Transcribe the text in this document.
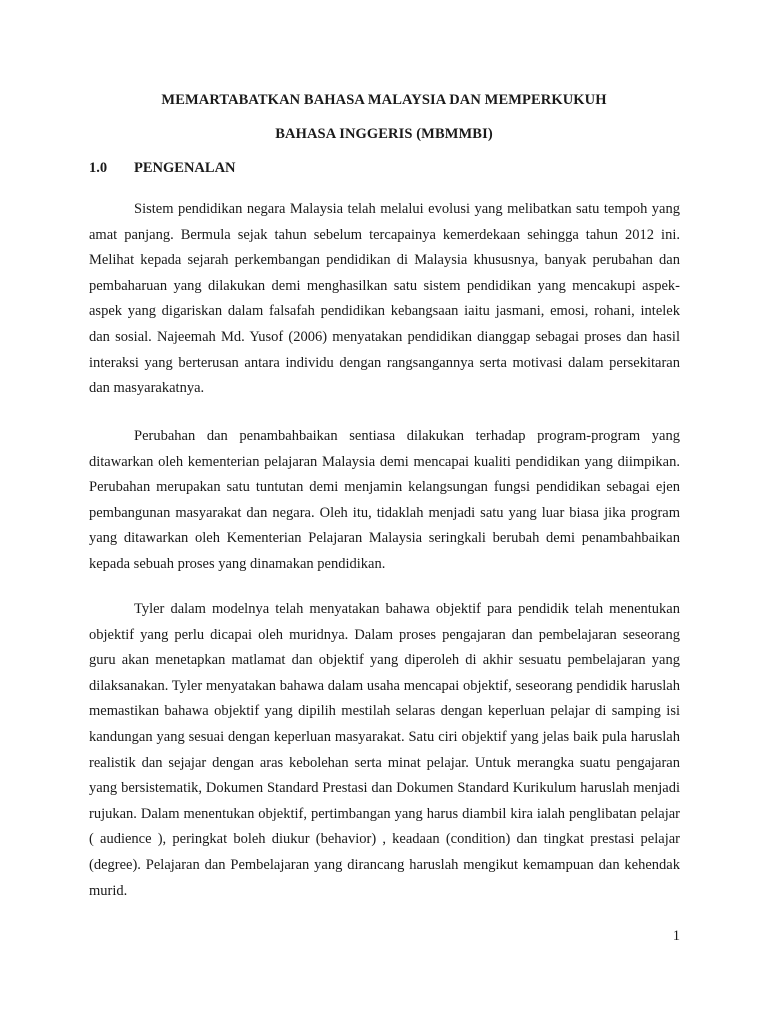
MEMARTABATKAN BAHASA MALAYSIA DAN MEMPERKUKUH
BAHASA INGGERIS (MBMMBI)
1.0 PENGENALAN

Sistem pendidikan negara Malaysia telah melalui evolusi yang melibatkan satu tempoh yang amat panjang. Bermula sejak tahun sebelum tercapainya kemerdekaan sehingga tahun 2012 ini. Melihat kepada sejarah perkembangan pendidikan di Malaysia khususnya, banyak perubahan dan pembaharuan yang dilakukan demi menghasilkan satu sistem pendidikan yang mencakupi aspek-aspek yang digariskan dalam falsafah pendidikan kebangsaan iaitu jasmani, emosi, rohani, intelek dan sosial. Najeemah Md. Yusof (2006) menyatakan pendidikan dianggap sebagai proses dan hasil interaksi yang berterusan antara individu dengan rangsangannya serta motivasi dalam persekitaran dan masyarakatnya.

Perubahan dan penambahbaikan sentiasa dilakukan terhadap program-program yang ditawarkan oleh kementerian pelajaran Malaysia demi mencapai kualiti pendidikan yang diimpikan. Perubahan merupakan satu tuntutan demi menjamin kelangsungan fungsi pendidikan sebagai ejen pembangunan masyarakat dan negara. Oleh itu, tidaklah menjadi satu yang luar biasa jika program yang ditawarkan oleh Kementerian Pelajaran Malaysia seringkali berubah demi penambahbaikan kepada sebuah proses yang dinamakan pendidikan.

Tyler dalam modelnya telah menyatakan bahawa objektif para pendidik telah menentukan objektif yang perlu dicapai oleh muridnya. Dalam proses pengajaran dan pembelajaran seseorang guru akan menetapkan matlamat dan objektif yang diperoleh di akhir sesuatu pembelajaran yang dilaksanakan. Tyler menyatakan bahawa dalam usaha mencapai objektif, seseorang pendidik haruslah memastikan bahawa objektif yang dipilih mestilah selaras dengan keperluan pelajar di samping isi kandungan yang sesuai dengan keperluan masyarakat. Satu ciri objektif yang jelas baik pula haruslah realistik dan sejajar dengan aras kebolehan serta minat pelajar. Untuk merangka suatu pengajaran yang bersistematik, Dokumen Standard Prestasi dan Dokumen Standard Kurikulum haruslah menjadi rujukan. Dalam menentukan objektif, pertimbangan yang harus diambil kira ialah penglibatan pelajar ( audience ), peringkat boleh diukur (behavior) , keadaan (condition) dan tingkat prestasi pelajar (degree). Pelajaran dan Pembelajaran yang dirancang haruslah mengikut kemampuan dan kehendak murid.

1
